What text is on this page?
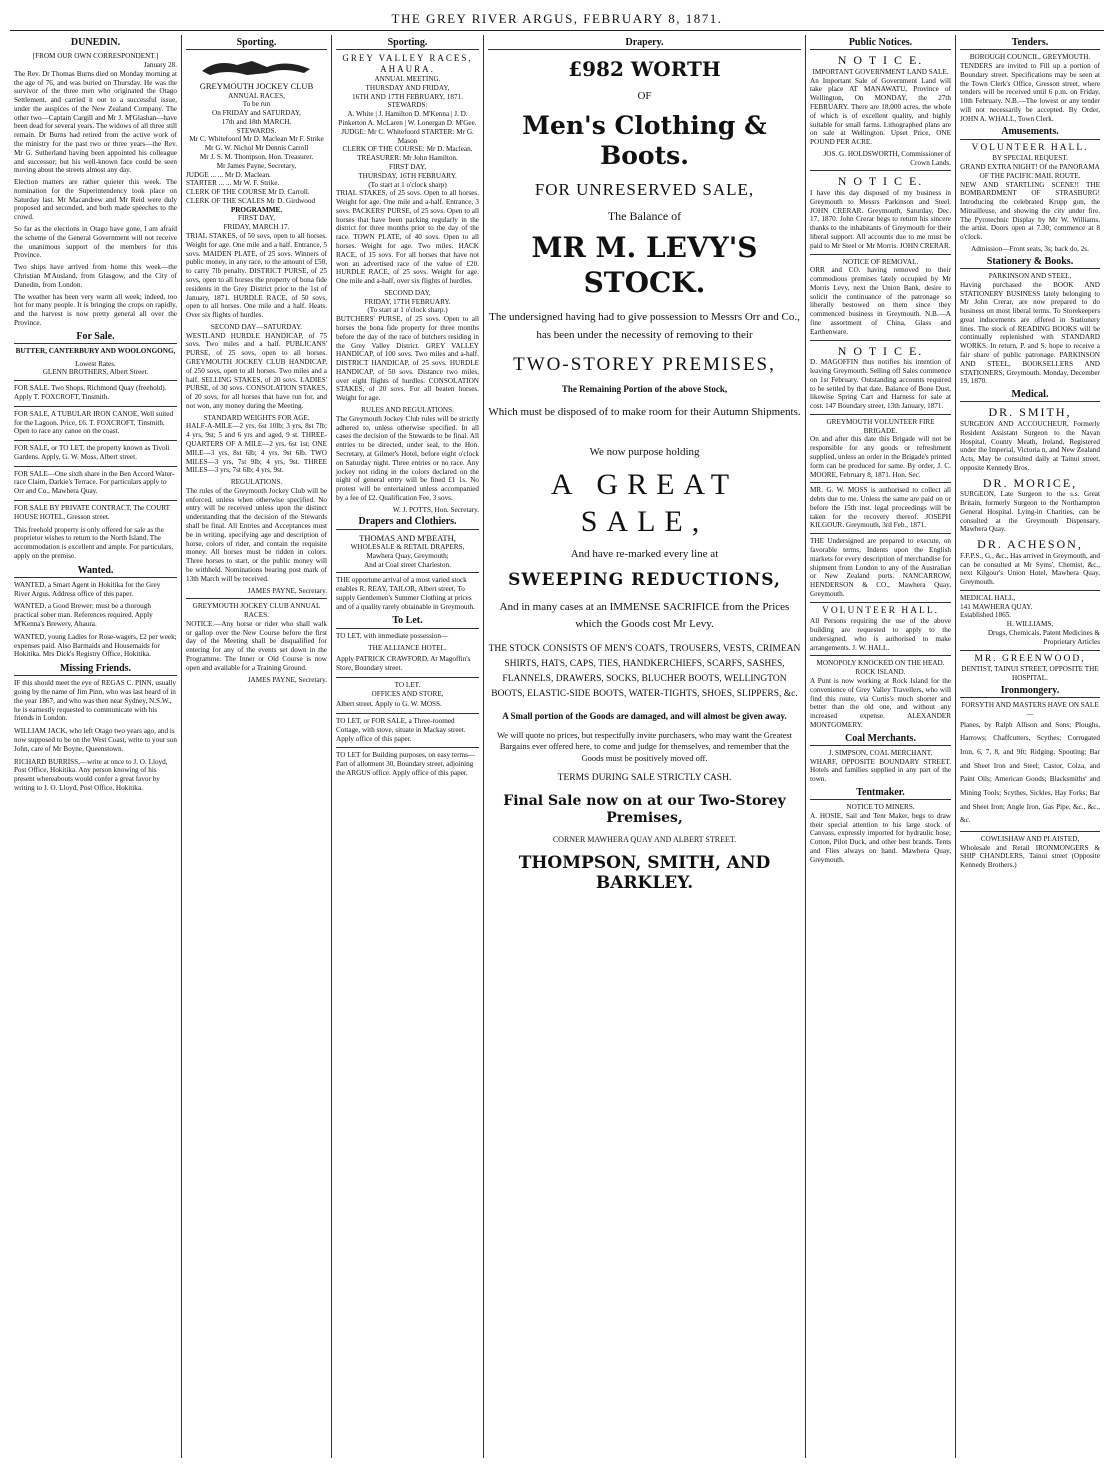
THE GREY RIVER ARGUS, FEBRUARY 8, 1871.
DUNEDIN.
[FROM OUR OWN CORRESPONDENT.]
January 28.

The Rev. Dr Thomas Burns died on Monday morning at the age of 76, and was buried on Thursday. He was the survivor of the three men who originated the Otago Settlement, and carried it out to a successful issue, under the auspices of the New Zealand Company. The other two—Captain Cargill and Mr J. M'Glashan—have been dead for several years. The widows of all three still remain. Dr Burns had retired from the active work of the ministry for the past two or three years—the Rev. Mr G. Sutherland having been appointed his colleague and successor; but his well-known face could be seen moving about the streets almost any day.

Election matters are rather quieter this week. The nomination for the Superintendency took place on Saturday last. Mr Macandrew and Mr Reid were duly proposed and seconded, and both made speeches to the crowd.

So far as the elections in Otago have gone, I am afraid the scheme of the General Government will not receive the unanimous support of the members for this Province.

Two ships have arrived from home this week—the Christian M'Ausland, from Glasgow, and the City of Dunedin, from London.

The weather has been very warm all week; indeed, too hot for many people. It is bringing the crops on rapidly, and the harvest is now pretty general all over the Province.

For Sale.
BUTTER, CANTERBURY AND WOOLONGONG,
Lowest Rates.
GLENN BROTHERS, Albert Street.
FOR SALE. Two Shops, Richmond Quay (freehold). Apply T. FOXCROFT, Tinsmith.
FOR SALE, A TUBULAR IRON CANOE, Well suited for the Lagoon. Price, £6. T. FOXCROFT, Tinsmith. Open to race any canoe on the coast.
FOR SALE, or TO LET, the property known as Tivoli Gardens. Apply, G. W. Moss, Albert street.
FOR SALE—One sixth share in the Ben Accord Water-race Claim, Darkie's Terrace. For particulars apply to Orr and Co., Mawhera Quay.
FOR SALE BY PRIVATE CONTRACT, The COURT HOUSE HOTEL, Gresson street.
This freehold property is only offered for sale as the proprietor wishes to return to the North Island. The accommodation is excellent and ample. For particulars, apply on the premise.
Wanted.
WANTED, a Smart Agent in Hokitika for the Grey River Argus. Address office of this paper.
WANTED, a Good Brewer; must be a thorough practical sober man. References required. Apply M'Kenna's Brewery, Ahaura.
WANTED, young Ladies for Rose-wagers, £2 per week; expenses paid. Also Barmaids and Housemaids for Hokitika. Mrs Dick's Registry Office, Hokitika.
Missing Friends.
IF this should meet the eye of REGAS C. PINN, usually going by the name of Jim Pinn, who was last heard of in the year 1867, and who was then near Sydney, N.S.W., he is earnestly requested to communicate with his friends in London.
WILLIAM JACK, who left Otago two years ago, and is now supposed to be on the West Coast, write to your son John, care of Mr Boyne, Queenstown.
RICHARD BURRISS,—write at once to J. O. Lloyd, Post Office, Hokitika. Any person knowing of his present whereabouts would confer a great favor by writing to J. O. Lloyd, Post Office, Hokitika.
Sporting.
GREYMOUTH JOCKEY CLUB
ANNUAL RACES,
To be run
On FRIDAY and SATURDAY,
17th and 18th MARCH.
STEWARDS.
Mr C. Whitefoord Mr D. Maclean Mr F. Strike Mr G. W. Nichol Mr Dennis Carroll
Mr J. S. M. Thompson, Hon. Treasurer.
Mr James Payne, Secretary,
JUDGE ... ... Mr D. Maclean.
STARTER ... ... Mr W. F. Strike.
CLERK OF THE COURSE Mr D. Carroll.
CLERK OF THE SCALES Mr D. Girdwood
PROGRAMME.
FIRST DAY,
FRIDAY, MARCH 17.

TRIAL STAKES, of 50 sovs, open to all horses. Weight for age. One mile and a half. Entrance, 5 sovs. MAIDEN PLATE, of 25 sovs. Winners of public money, in any race, to the amount of £50, to carry 7lb penalty. DISTRICT PURSE, of 25 sovs, open to all horses the property of bona fide residents in the Grey District prior to the 1st of January, 1871. HURDLE RACE, of 50 sovs, open to all horses. One mile and a half. Heats. Over six flights of hurdles.

SECOND DAY—SATURDAY.

WESTLAND HURDLE HANDICAP, of 75 sovs. Two miles and a half. PUBLICANS' PURSE, of 25 sovs, open to all horses. GREYMOUTH JOCKEY CLUB HANDICAP, of 250 sovs, open to all horses. Two miles and a half. SELLING STAKES, of 20 sovs. LADIES' PURSE, of 30 sovs. CONSOLATION STAKES, of 20 sovs, for all horses that have run for, and not won, any money during the Meeting.

STANDARD WEIGHTS FOR AGE.

HALF-A-MILE—2 yrs, 6st 10lb; 3 yrs, 8st 7lb; 4 yrs, 9st; 5 and 6 yrs and aged, 9 st. THREE-QUARTERS OF A MILE—2 yrs, 6st 1st; ONE MILE—3 yrs, 8st 6lb; 4 yrs, 9st 6lb. TWO MILES—3 yrs, 7st 9lb; 4 yrs, 9st. THREE MILES—3 yrs, 7st 6lb; 4 yrs, 9st.

REGULATIONS.

The rules of the Greymouth Jockey Club will be enforced, unless when otherwise specified. No entry will be received unless upon the distinct understanding that the decision of the Stewards shall be final. All Entries and Acceptances must be in writing, specifying age and description of horse, colors of rider, and contain the requisite money. All horses must be ridden in colors. Three horses to start, or the public money will be withheld. Nominations bearing post mark of 13th March will be received.

JAMES PAYNE, Secretary.
GREYMOUTH JOCKEY CLUB ANNUAL RACES.

NOTICE.—Any horse or rider who shall walk or gallop over the New Course before the first day of the Meeting shall be disqualified for entering for any of the events set down in the Programme. The Inner or Old Course is now open and available for a Training Ground.

JAMES PAYNE, Secretary.
Sporting.
GREY VALLEY RACES, AHAURA.
ANNUAL MEETING.
THURSDAY AND FRIDAY,
16TH AND 17TH FEBRUARY, 1871.
STEWARDS:
A. White | J. Hamilton D. M'Kenna | J. D. Pinkerton A. McLaren | W. Lonergan D. M'Gee.
JUDGE: Mr C. Whitefoord STARTER: Mr G. Mason
CLERK OF THE COURSE: Mr D. Maclean.
TREASURER: Mr John Hamilton.
FIRST DAY,
THURSDAY, 16TH FEBRUARY.
(To start at 1 o'clock sharp)

TRIAL STAKES, of 25 sovs. Open to all horses. Weight for age. One mile and a-half. Entrance, 3 sovs. PACKERS' PURSE, of 25 sovs. Open to all horses that have been packing regularly in the district for three months prior to the day of the race. TOWN PLATE, of 40 sovs. Open to all horses. Weight for age. Two miles. HACK RACE, of 15 sovs. For all horses that have not won an advertised race of the value of £20. HURDLE RACE, of 25 sovs. Weight for age. One mile and a-half, over six flights of hurdles.

SECOND DAY,
FRIDAY, 17TH FEBRUARY.
(To start at 1 o'clock sharp.)

BUTCHERS' PURSE, of 25 sovs. Open to all horses the bona fide property for three months before the day of the race of butchers residing in the Grey Valley District. GREY VALLEY HANDICAP, of 100 sovs. Two miles and a-half. DISTRICT HANDICAP, of 25 sovs. HURDLE HANDICAP, of 50 sovs. Distance two miles, over eight flights of hurdles. CONSOLATION STAKES, of 20 sovs. For all beaten horses. Weight for age.

RULES AND REGULATIONS.

The Greymouth Jockey Club rules will be strictly adhered to, unless otherwise specified. In all cases the decision of the Stewards to be final. All entries to be directed, under seal, to the Hon. Secretary, at Gilmer's Hotel, before eight o'clock on Saturday night. Three entries or no race. Any jockey not riding in the colors declared on the night of general entry will be fined £1 1s. No protest will be entertained unless accompanied by a fee of £2. Qualification Fee, 3 sovs.

W. J. POTTS, Hon. Secretary.
Drapers and Clothiers.
THOMAS AND M'BEATH,
WHOLESALE & RETAIL DRAPERS,
Mawhera Quay, Greymouth;
And at Coal street Charleston.
THE opportune arrival of a most varied stock enables R. REAY, TAILOR, Albert street, To supply Gentlemen's Summer Clothing at prices and of a quality rarely obtainable in Greymouth.
To Let.
TO LET, with immediate possession—
THE ALLIANCE HOTEL.
Apply PATRICK CRAWFORD, At Magoffin's Store, Boundary street.
TO LET.
OFFICES AND STORE,
Albert street. Apply to G. W. MOSS.
TO LET, or FOR SALE, a Three-roomed Cottage, with stove, situate in Mackay street. Apply office of this paper.
TO LET for Building purposes, on easy terms—Part of allotment 30, Boundary street, adjoining the ARGUS office. Apply office of this paper.
Drapery.
£982 WORTH
OF
Men's Clothing & Boots.
FOR UNRESERVED SALE,
The Balance of
MR M. LEVY'S STOCK.
The undersigned having had to give possession to Messrs Orr and Co., has been under the necessity of removing to their
TWO-STOREY PREMISES,
The Remaining Portion of the above Stock,
Which must be disposed of to make room for their Autumn Shipments.
We now purpose holding
A GREAT SALE,
And have re-marked every line at
SWEEPING REDUCTIONS,
And in many cases at an IMMENSE SACRIFICE from the Prices which the Goods cost Mr Levy.
THE STOCK CONSISTS OF MEN'S COATS, TROUSERS, VESTS, CRIMEAN SHIRTS, HATS, CAPS, TIES, HANDKERCHIEFS, SCARFS, SASHES, FLANNELS, DRAWERS, SOCKS, BLUCHER BOOTS, WELLINGTON BOOTS, ELASTIC-SIDE BOOTS, WATER-TIGHTS, SHOES, SLIPPERS, &c.
A Small portion of the Goods are damaged, and will almost be given away.
We will quote no prices, but respectfully invite purchasers, who may want the Greatest Bargains ever offered here, to come and judge for themselves, and remember that the Goods must be positively moved off.
TERMS DURING SALE STRICTLY CASH.
Final Sale now on at our Two-Storey Premises,
CORNER MAWHERA QUAY AND ALBERT STREET.
THOMPSON, SMITH, AND BARKLEY.
Public Notices.
N O T I C E.
IMPORTANT GOVERNMENT LAND SALE.

An Important Sale of Government Land will take place AT MANAWATU, Province of Wellington, On MONDAY, the 27th FEBRUARY. There are 18,000 acres, the whole of which is of excellent quality, and highly suitable for small farms. Lithographed plans are on sale at Wellington. Upset Price, ONE POUND PER ACRE.

JOS. G. HOLDSWORTH, Commissioner of Crown Lands.
N O T I C E.

I have this day disposed of my business in Greymouth to Messrs Parkinson and Steel. JOHN CRERAR. Greymouth, Saturday, Dec. 17, 1870. John Crerar begs to return his sincere thanks to the inhabitants of Greymouth for their liberal support. All accounts due to me must be paid to Mr Steel or Mr Morris. JOHN CRERAR.

NOTICE OF REMOVAL.

ORR and CO. having removed to their commodious premises lately occupied by Mr Morris Levy, next the Union Bank, desire to solicit the continuance of the patronage so liberally bestowed on them since they commenced business in Greymouth. N.B.—A fine assortment of China, Glass and Earthenware.

N O T I C E.

D. MAGOFFIN thus notifies his intention of leaving Greymouth. Selling off Sales commence on 1st February. Outstanding accounts required to be settled by that date. Balance of Bone Dust, likewise Spring Cart and Harness for sale at cost. 147 Boundary street, 13th January, 1871.

GREYMOUTH VOLUNTEER FIRE BRIGADE.

On and after this date this Brigade will not be responsible for any goods or refreshment supplied, unless an order in the Brigade's printed form can be produced for same. By order, J. C. MOORE, February 8, 1871. Hon. Sec.

MR. G. W. MOSS is authorised to collect all debts due to me. Unless the same are paid on or before the 15th inst. legal proceedings will be taken for the recovery thereof. JOSEPH KILGOUR. Greymouth, 3rd Feb., 1871.

THE Undersigned are prepared to execute, on favorable terms, Indents upon the English markets for every description of merchandise for shipment from London to any of the Australian or New Zealand ports. NANCARROW, HENDERSON & CO., Mawhera Quay, Greymouth.

VOLUNTEER HALL.

All Persons requiring the use of the above building are requested to apply to the undersigned, who is authorised to make arrangements. J. W. HALL.

MONOPOLY KNOCKED ON THE HEAD. ROCK ISLAND.

A Punt is now working at Rock Island for the convenience of Grey Valley Travellers, who will find this route, via Curtis's much shorter and better than the old one, and without any increased expense. ALEXANDER MONTGOMERY.

Coal Merchants.
J. SIMPSON, COAL MERCHANT,

WHARF, OPPOSITE BOUNDARY STREET. Hotels and families supplied in any part of the town.

Tentmaker.
NOTICE TO MINERS.

A. HOSIE, Sail and Tent Maker, begs to draw their special attention to his large stock of Canvass, expressly imported for hydraulic hose; Cotton, Pilot Duck, and other best brands. Tents and Flies always on hand. Mawhera Quay, Greymouth.

Tenders.
BOROUGH COUNCIL, GREYMOUTH.

TENDERS are invited to Fill up a portion of Boundary street. Specifications may be seen at the Town Clerk's Office, Gresson street, where tenders will be received until 6 p.m. on Friday, 10th February. N.B.—The lowest or any tender will not necessarily be accepted. By Order, JOHN A. WHALL, Town Clerk.

Amusements.
VOLUNTEER HALL.
BY SPECIAL REQUEST.
GRAND EXTRA NIGHT! Of the PANORAMA OF THE PACIFIC MAIL ROUTE.

NEW AND STARTLING SCENE!! THE BOMBARDMENT OF STRASBURG! Introducing the celebrated Krupp gun, the Mitrailleuse, and showing the city under fire. The Pyrotechnic Display by Mr W. Williams, the artist. Doors open at 7.30; commence at 8 o'clock.

Admission—Front seats, 3s; back do, 2s.
Stationery & Books.
PARKINSON AND STEEL,

Having purchased the BOOK AND STATIONERY BUSINESS lately belonging to Mr John Crerar, are now prepared to do business on most liberal terms. To Storekeepers great inducements are offered in Stationery lines. The stock of READING BOOKS will be continually replenished with STANDARD WORKS. In return, P. and S. hope to receive a fair share of public patronage. PARKINSON AND STEEL, BOOKSELLERS AND STATIONERS, Greymouth. Monday, December 19, 1870.

Medical.
DR. SMITH,

SURGEON AND ACCOUCHEUR, Formerly Resident Assistant Surgeon to the Navan Hospital, County Meath, Ireland, Registered under the Imperial, Victoria n, and New Zealand Acts, May be consulted daily at Tainui street, opposite Kennedy Bros.

DR. MORICE,

SURGEON, Late Surgeon to the s.s. Great Britain, formerly Surgeon to the Northampton General Hospital. Lying-in Charities, can be consulted at the Greymouth Dispensary, Mawhera Quay.

DR. ACHESON,

F.F.P.S., G., &c., Has arrived in Greymouth, and can be consulted at Mr Syms', Chemist, &c., next Kilgour's Union Hotel, Mawhera Quay, Greymouth.

MEDICAL HALL,
141 MAWHERA QUAY.
Established 1865.
H. WILLIAMS,
Drugs, Chemicals, Patent Medicines & Proprietary Articles
MR. GREENWOOD,
DENTIST, TAINUI STREET, OPPOSITE THE HOSPITAL.
Ironmongery.
FORSYTH AND MASTERS HAVE ON SALE—

Planes, by Ralph Allison and Sons; Ploughs, Harrows; Chaffcutters, Scythes; Corrugated Iron, 6, 7, 8, and 9ft; Ridging, Spouting; Bar and Sheet Iron and Steel; Castor, Colza, and Paint Oils; American Goods; Blacksmiths' and Mining Tools; Scythes, Sickles, Hay Forks; Bar and Sheet Iron; Angle Iron, Gas Pipe, &c., &c., &c.

COWLISHAW AND PLAISTED,

Wholesale and Retail IRONMONGERS & SHIP CHANDLERS, Tainui street (Opposite Kennedy Brothers.)
